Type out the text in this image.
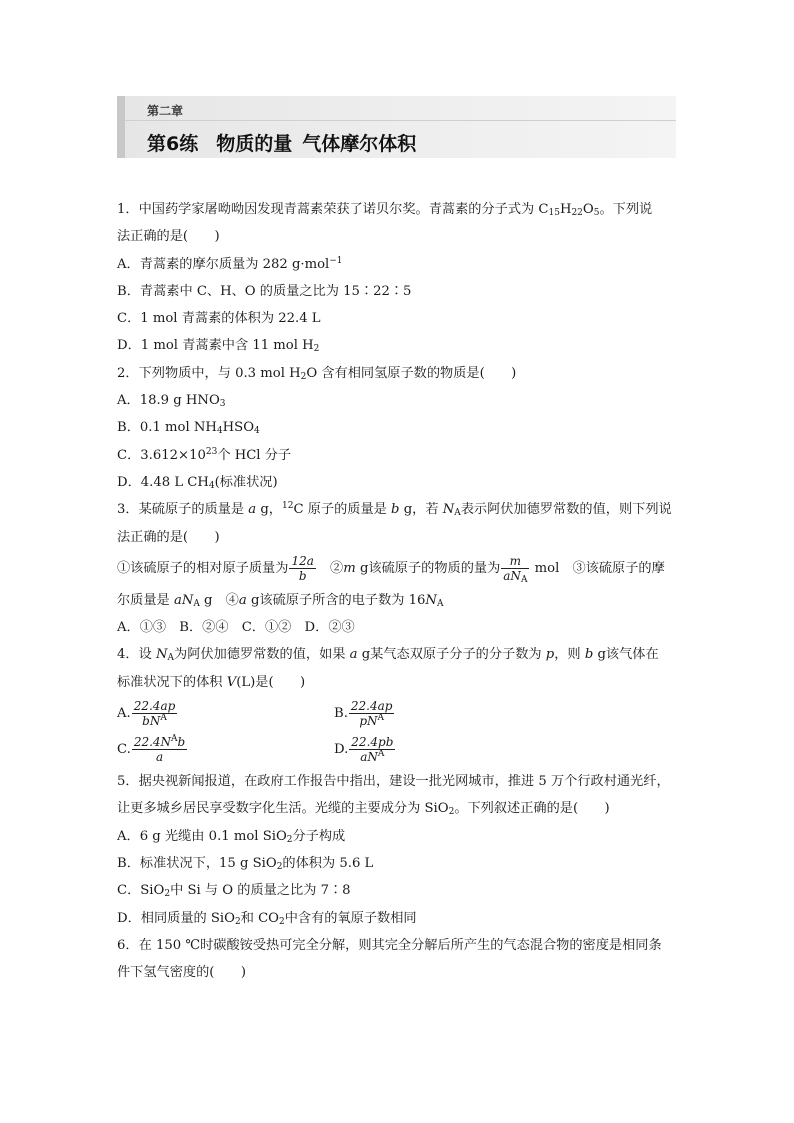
第二章
第6练 物质的量 气体摩尔体积
1．中国药学家屠呦呦因发现青蒿素荣获了诺贝尔奖。青蒿素的分子式为 $C_{15}H_{22}O_5$。下列说
法正确的是(　　)
A．青蒿素的摩尔质量为 282 g·mol$^{-1}$
B．青蒿素中 C、H、O 的质量之比为 15∶22∶5
C．1 mol 青蒿素的体积为 22.4 L
D．1 mol 青蒿素中含 11 mol $H_2$
2．下列物质中，与 0.3 mol $H_2O$ 含有相同氢原子数的物质是(　　)
A．18.9 g $HNO_3$
B．0.1 mol $NH_4HSO_4$
C．$3.612\times 10^{23}$个 HCl 分子
D．4.48 L $CH_4$(标准状况)
3．某硫原子的质量是 a g，$^{12}$C 原子的质量是 b g，若 $N_A$表示阿伏加德罗常数的值，则下列说
法正确的是(　　)
①该硫原子的相对原子质量为 $\frac{12a}{b}$ 　②m g该硫原子的物质的量为 $\frac{m}{aN_A}$ mol　③该硫原子的摩
尔质量是 $aN_A$ g　④a g该硫原子所含的电子数为 $16N_A$
A．①③　B．②④　C．①②　D．②③
4．设 $N_A$为阿伏加德罗常数的值，如果 a g某气态双原子分子的分子数为 p，则 b g该气体在
标准状况下的体积 V(L)是(　　)
A. $\frac{22.4ap}{bN^A}$	B. $\frac{22.4ap}{pN^A}$
C. $\frac{22.4N^Ab}{a}$	D. $\frac{22.4pb}{aN^A}$
5．据央视新闻报道，在政府工作报告中指出，建设一批光网城市，推进 5 万个行政村通光纤，
让更多城乡居民享受数字化生活。光缆的主要成分为 SiO$_2$。下列叙述正确的是(　　)
A．6 g 光缆由 0.1 mol SiO$_2$分子构成
B．标准状况下，15 g SiO$_2$的体积为 5.6 L
C．SiO$_2$中 Si 与 O 的质量之比为 7∶8
D．相同质量的 SiO$_2$和 $CO_2$中含有的氧原子数相同
6．在 150 ℃时碳酸铵受热可完全分解，则其完全分解后所产生的气态混合物的密度是相同条
件下氢气密度的(　　)
